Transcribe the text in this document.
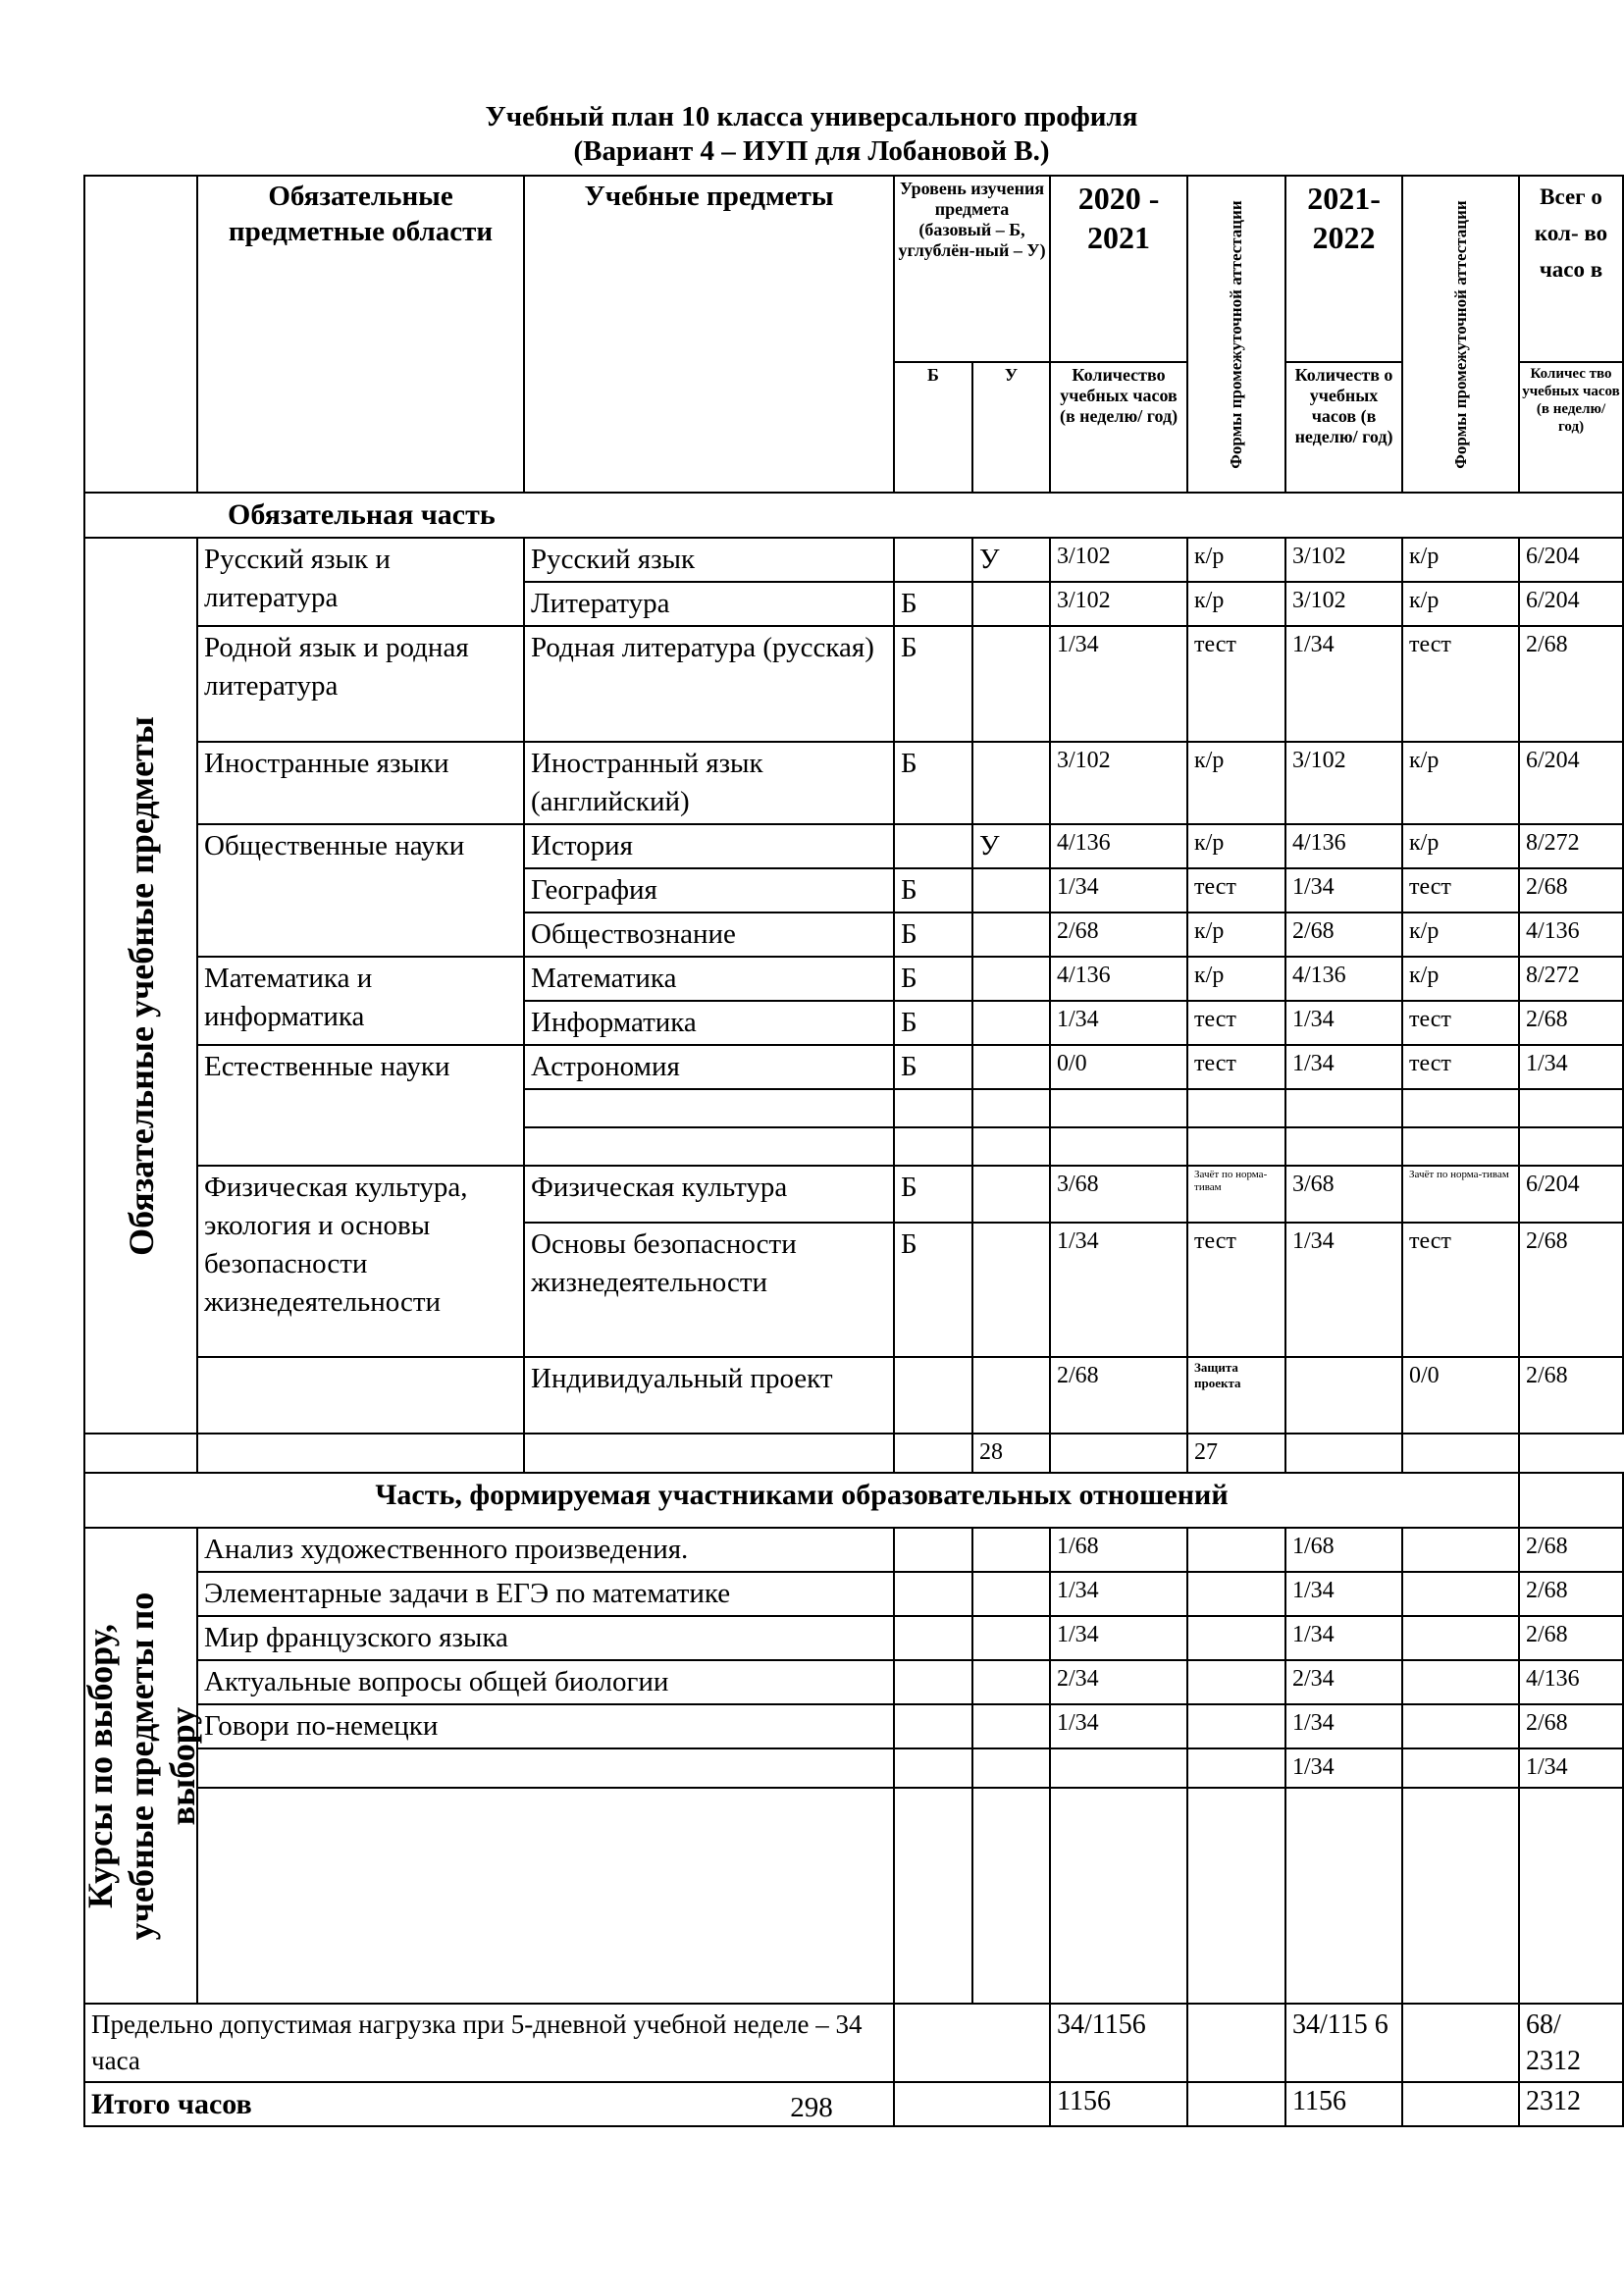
Учебный план 10 класса универсального профиля
(Вариант 4 – ИУП для Лобановой В.)
	Обязательные предметные области	Учебные предметы	Уровень изучения предмета (базовый – Б, углублён-ный – У)		2020 - 2021	Формы промежуточной аттестации	2021- 2022	Формы промежуточной аттестации	Всег о кол- во часо в
			Б	У	Количество учебных часов (в неделю/ год)		Количеств о учебных часов (в неделю/ год)		Количес тво учебных часов (в неделю/ год)
Обязательная часть									

Обязательные учебные предметы	Русский язык и литература	Русский язык		У	3/102	к/р	3/102	к/р	6/204
		Литература	Б		3/102	к/р	3/102	к/р	6/204
	Родной язык и родная литература	Родная литература (русская)	Б		1/34	тест	1/34	тест	2/68
	Иностранные языки	Иностранный язык (английский)	Б		3/102	к/р	3/102	к/р	6/204
	Общественные науки	История		У	4/136	к/р	4/136	к/р	8/272
		География	Б		1/34	тест	1/34	тест	2/68
		Обществознание	Б		2/68	к/р	2/68	к/р	4/136
	Математика и информатика	Математика	Б		4/136	к/р	4/136	к/р	8/272
		Информатика	Б		1/34	тест	1/34	тест	2/68
	Естественные науки	Астрономия	Б		0/0	тест	1/34	тест	1/34

	Физическая культура, экология и основы безопасности жизнедеятельности	Физическая культура	Б		3/68	Зачёт по норма-тивам	3/68	Зачёт по норма-тивам	6/204
		Основы безопасности жизнедеятельности	Б		1/34	тест	1/34	тест	2/68
		Индивидуальный проект			2/68	Защита проекта		0/0	2/68
				28		27			
Часть, формируемая участниками образовательных отношений									

Курсы по выбору, учебные предметы по выбору	Анализ художественного произведения.				1/68		1/68		2/68
	Элементарные задачи в ЕГЭ по математике				1/34		1/34		2/68
	Мир французского языка				1/34		1/34		2/68
	Актуальные вопросы общей биологии				2/34		2/34		4/136
	Говори по-немецки				1/34		1/34		2/68
							1/34		1/34

Предельно допустимая нагрузка при 5-дневной учебной неделе – 34 часа					34/1156		34/115 6		68/ 2312
Итого часов					1156		1156		2312
298
